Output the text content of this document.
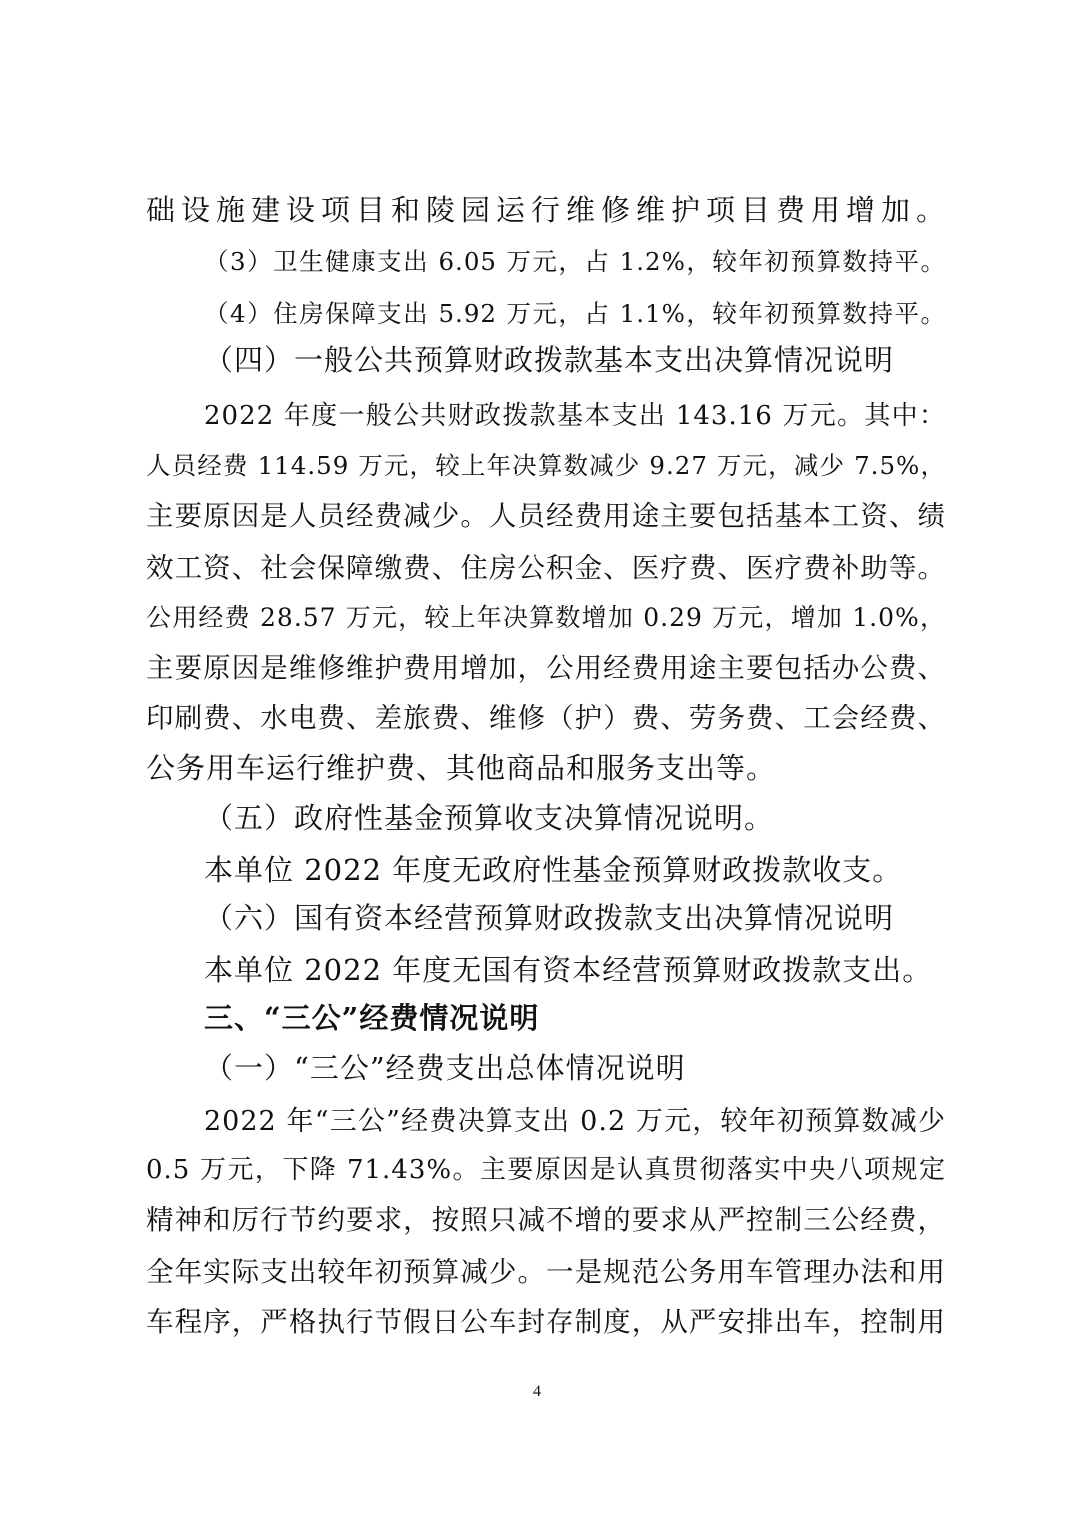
础设施建设项目和陵园运行维修维护项目费用增加。
（3）卫生健康支出 6.05 万元，占 1.2%，较年初预算数持平。
（4）住房保障支出 5.92 万元，占 1.1%，较年初预算数持平。
（四）一般公共预算财政拨款基本支出决算情况说明
2022 年度一般公共财政拨款基本支出 143.16 万元。其中：
人员经费 114.59 万元，较上年决算数减少 9.27 万元，减少 7.5%，
主要原因是人员经费减少。人员经费用途主要包括基本工资、绩
效工资、社会保障缴费、住房公积金、医疗费、医疗费补助等。
公用经费 28.57 万元，较上年决算数增加 0.29 万元，增加 1.0%，
主要原因是维修维护费用增加，公用经费用途主要包括办公费、
印刷费、水电费、差旅费、维修（护）费、劳务费、工会经费、
公务用车运行维护费、其他商品和服务支出等。
（五）政府性基金预算收支决算情况说明。
本单位 2022 年度无政府性基金预算财政拨款收支。
（六）国有资本经营预算财政拨款支出决算情况说明
本单位 2022 年度无国有资本经营预算财政拨款支出。
三、“三公”经费情况说明
（一）“三公”经费支出总体情况说明
2022 年“三公”经费决算支出 0.2 万元，较年初预算数减少
0.5 万元，下降 71.43%。主要原因是认真贯彻落实中央八项规定
精神和厉行节约要求，按照只减不增的要求从严控制三公经费，
全年实际支出较年初预算减少。一是规范公务用车管理办法和用
车程序，严格执行节假日公车封存制度，从严安排出车，控制用
4
